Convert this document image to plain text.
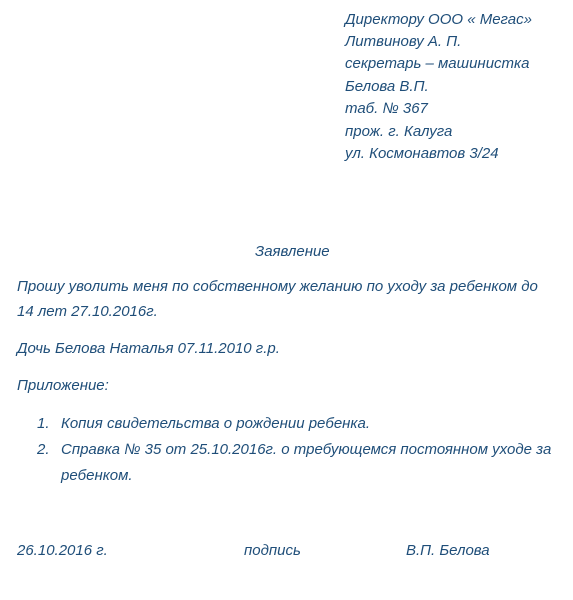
Директору ООО « Мегас»
Литвинову А. П.
секретарь – машинистка
Белова В.П.
таб. № 367
прож. г. Калуга
ул. Космонавтов 3/24
Заявление
Прошу уволить меня по собственному желанию по уходу за ребенком до
14 лет 27.10.2016г.
Дочь Белова Наталья 07.11.2010 г.р.
Приложение:
1. Копия свидетельства о рождении ребенка.
2. Справка № 35 от 25.10.2016г. о требующемся постоянном уходе за
ребенком.
26.10.2016 г.	подпись	В.П. Белова
